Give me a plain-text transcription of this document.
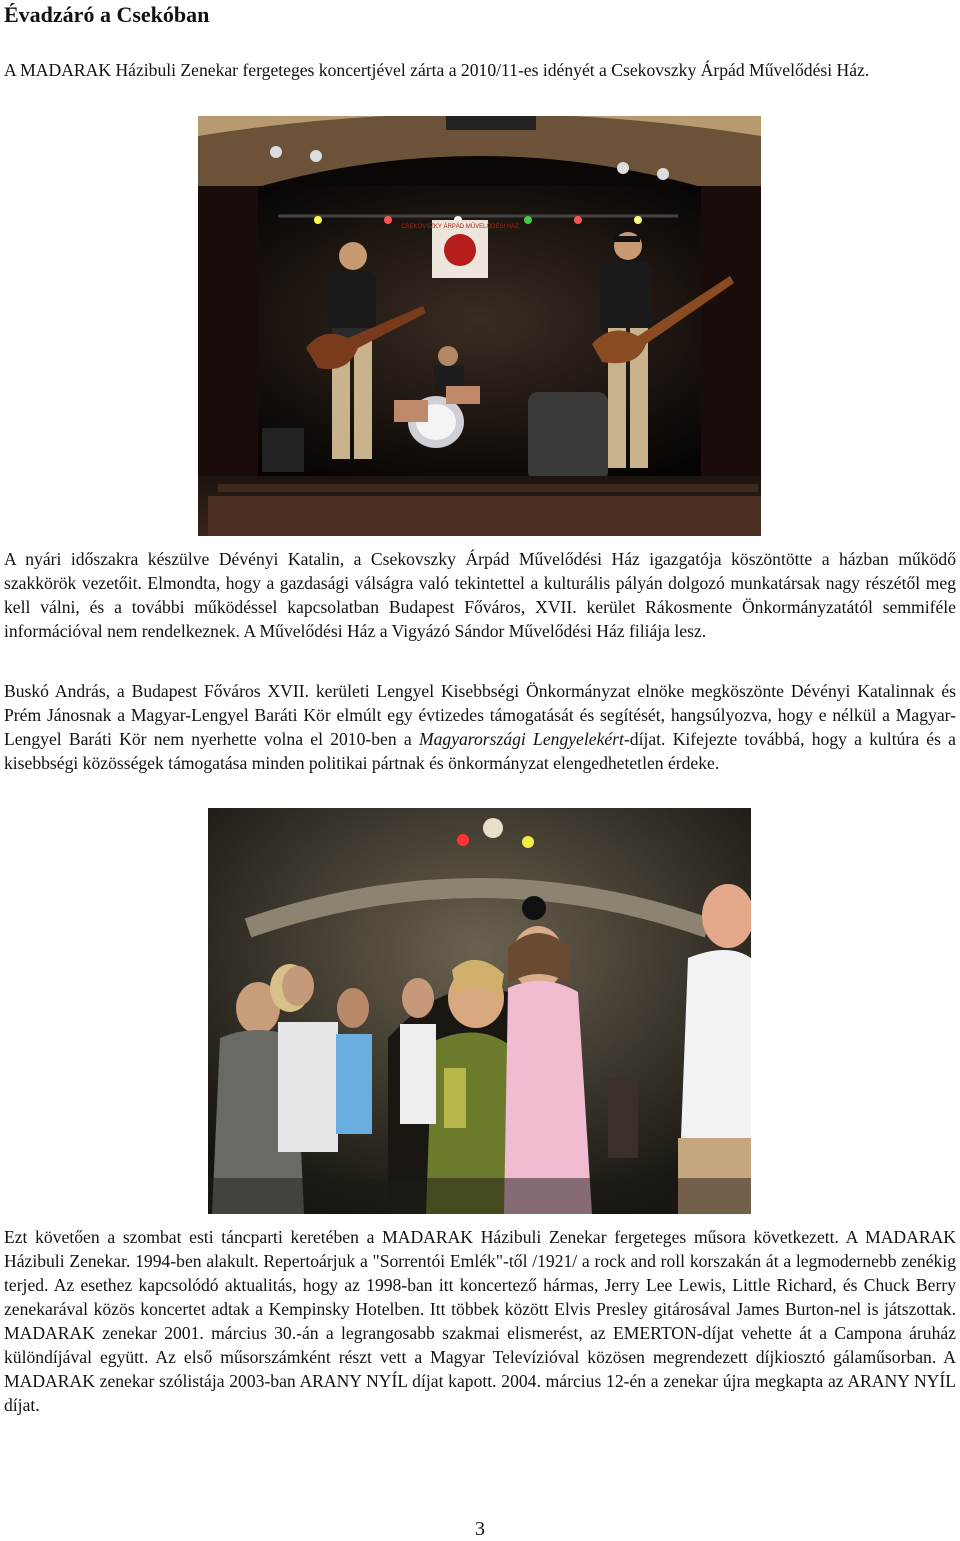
Évadzáró a Csekóban

A MADARAK Házibuli Zenekar fergeteges koncertjével zárta a 2010/11-es idényét a Csekovszky Árpád Művelődési Ház.

CSEKOVSZKY ÁRPÁD MŰVELŐDÉSI HÁZ

A nyári időszakra készülve Dévényi Katalin, a Csekovszky Árpád Művelődési Ház igazgatója köszöntötte a házban működő szakkörök vezetőit. Elmondta, hogy a gazdasági válságra való tekintettel a kulturális pályán dolgozó munkatársak nagy részétől meg kell válni, és a további működéssel kapcsolatban Budapest Főváros, XVII. kerület Rákosmente Önkormányzatától semmiféle információval nem rendelkeznek. A Művelődési Ház a Vigyázó Sándor Művelődési Ház filiája lesz.

Buskó András, a Budapest Főváros XVII. kerületi Lengyel Kisebbségi Önkormányzat elnöke megköszönte Dévényi Katalinnak és Prém Jánosnak a Magyar-Lengyel Baráti Kör elmúlt egy évtizedes támogatását és segítését, hangsúlyozva, hogy e nélkül a Magyar-Lengyel Baráti Kör nem nyerhette volna el 2010-ben a Magyarországi Lengyelekért-díjat. Kifejezte továbbá, hogy a kultúra és a kisebbségi közösségek támogatása minden politikai pártnak és önkormányzat elengedhetetlen érdeke.

Ezt követően a szombat esti táncparti keretében a MADARAK Házibuli Zenekar fergeteges műsora következett. A MADARAK Házibuli Zenekar. 1994-ben alakult. Repertoárjuk a "Sorrentói Emlék"-től /1921/ a rock and roll korszakán át a legmodernebb zenékig terjed. Az esethez kapcsolódó aktualitás, hogy az 1998-ban itt koncertező hármas, Jerry Lee Lewis, Little Richard, és Chuck Berry zenekarával közös koncertet adtak a Kempinsky Hotelben. Itt többek között Elvis Presley gitárosával James Burton-nel is játszottak. MADARAK zenekar 2001. március 30.-án a legrangosabb szakmai elismerést, az EMERTON-díjat vehette át a Campona áruház különdíjával együtt. Az első műsorszámként részt vett a Magyar Televízióval közösen megrendezett díjkiosztó gálaműsorban. A MADARAK zenekar szólistája 2003-ban ARANY NYÍL díjat kapott. 2004. március 12-én a zenekar újra megkapta az ARANY NYÍL díjat.

3
